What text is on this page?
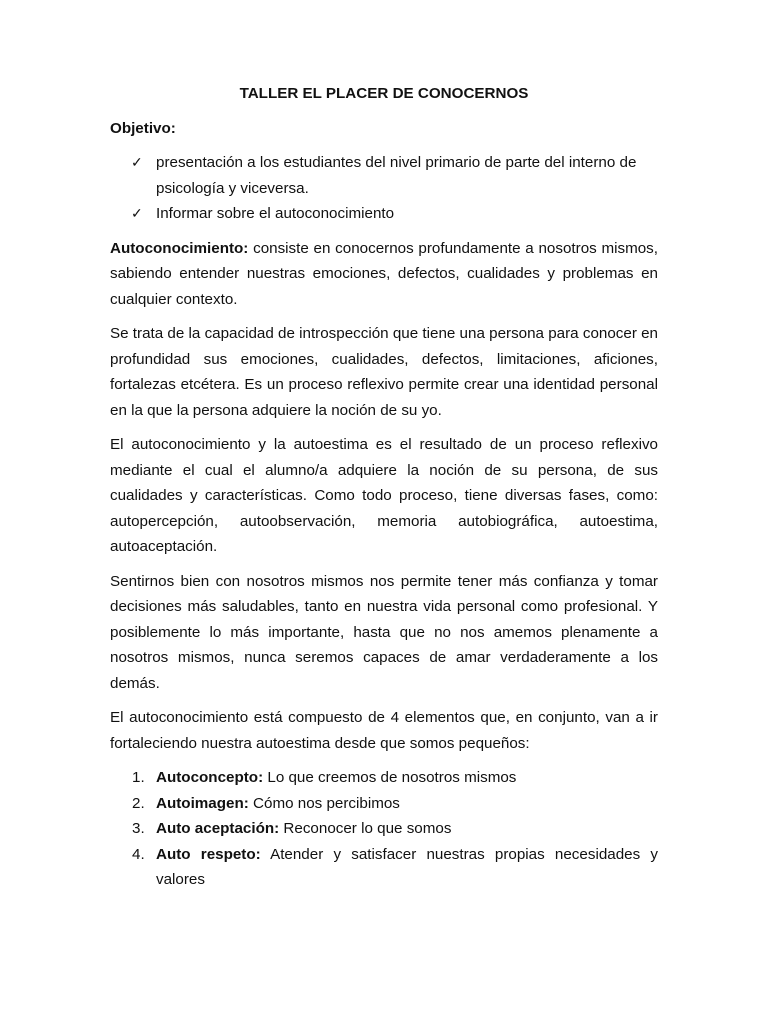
TALLER EL PLACER DE CONOCERNOS
Objetivo:
✓ presentación a los estudiantes del nivel primario de parte del interno de psicología y viceversa.
✓ Informar sobre el autoconocimiento

Autoconocimiento: consiste en conocernos profundamente a nosotros mismos, sabiendo entender nuestras emociones, defectos, cualidades y problemas en cualquier contexto.

Se trata de la capacidad de introspección que tiene una persona para conocer en profundidad sus emociones, cualidades, defectos, limitaciones, aficiones, fortalezas etcétera. Es un proceso reflexivo permite crear una identidad personal en la que la persona adquiere la noción de su yo.

El autoconocimiento y la autoestima es el resultado de un proceso reflexivo mediante el cual el alumno/a adquiere la noción de su persona, de sus cualidades y características. Como todo proceso, tiene diversas fases, como: autopercepción, autoobservación, memoria autobiográfica, autoestima, autoaceptación.

Sentirnos bien con nosotros mismos nos permite tener más confianza y tomar decisiones más saludables, tanto en nuestra vida personal como profesional. Y posiblemente lo más importante, hasta que no nos amemos plenamente a nosotros mismos, nunca seremos capaces de amar verdaderamente a los demás.

El autoconocimiento está compuesto de 4 elementos que, en conjunto, van a ir fortaleciendo nuestra autoestima desde que somos pequeños:

1. Autoconcepto: Lo que creemos de nosotros mismos
2. Autoimagen: Cómo nos percibimos
3. Auto aceptación: Reconocer lo que somos
4. Auto respeto: Atender y satisfacer nuestras propias necesidades y valores
